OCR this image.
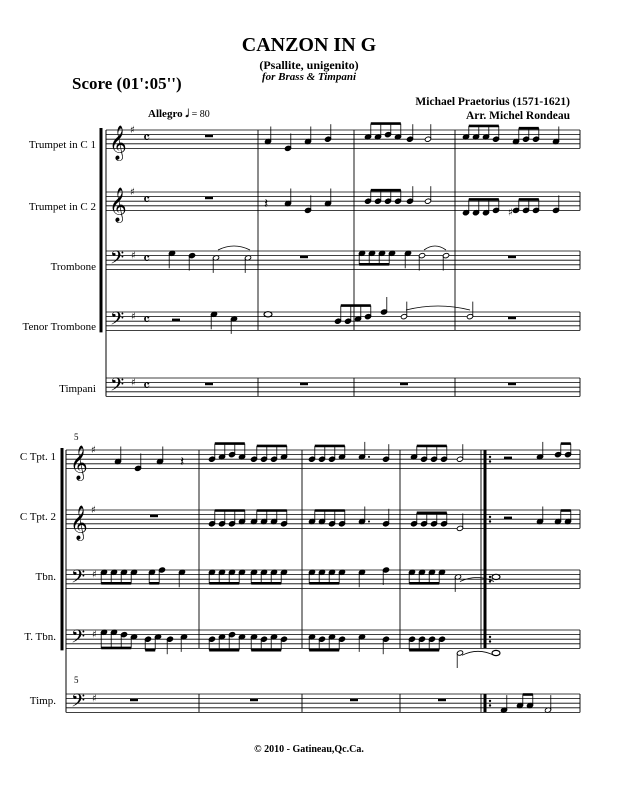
CANZON IN G
(Psallite, unigenito)
for Brass & Timpani
Score (01':05'')
Michael Praetorius (1571-1621)
Arr. Michel Rondeau
Allegro 𝅗𝅥 = 80
Trumpet in C 1
Trumpet in C 2
Trombone
Tenor Trombone
Timpani
C Tpt. 1
C Tpt. 2
Tbn.
T. Tbn.
Timp.
5
5
© 2010 - Gatineau,Qc.Ca.
𝄞 ♯ 𝄴
𝄞 ♯ 𝄴
𝄢 ♯ 𝄴
𝄢 ♯ 𝄴
𝄢 ♯ 𝄴
𝄽
♯
𝄞 ♯
𝄞 ♯
𝄢 ♯
𝄢 ♯
𝄢 ♯
𝄽
